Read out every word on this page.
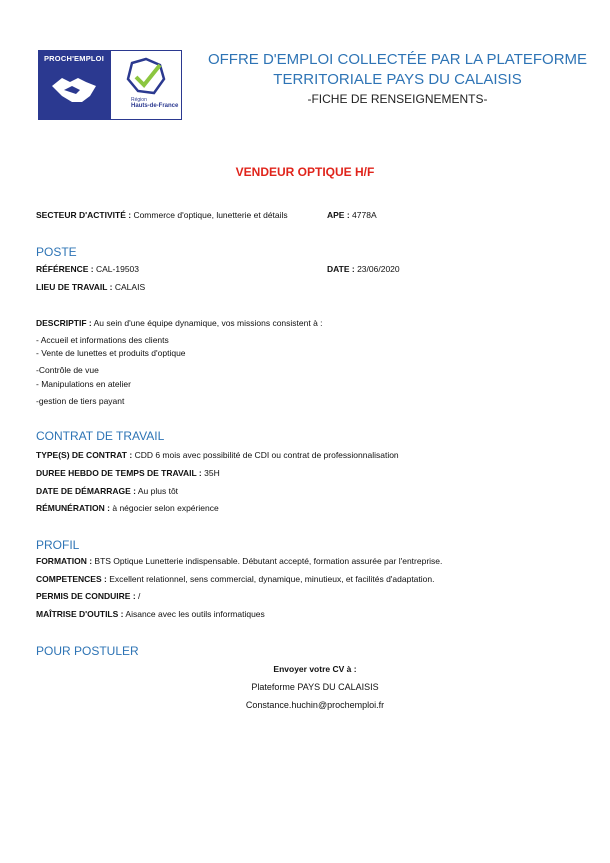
PROCH'EMPLOI
Région
Hauts-de-France
OFFRE D'EMPLOI COLLECTÉE PAR LA PLATEFORME
TERRITORIALE PAYS DU CALAISIS
-FICHE DE RENSEIGNEMENTS-
VENDEUR OPTIQUE H/F
SECTEUR D'ACTIVITÉ : Commerce d'optique, lunetterie et détails	APE : 4778A
POSTE
RÉFÉRENCE : CAL-19503	DATE : 23/06/2020
LIEU DE TRAVAIL : CALAIS
DESCRIPTIF : Au sein d'une équipe dynamique, vos missions consistent à :
- Accueil et informations des clients
- Vente de lunettes et produits d'optique
-Contrôle de vue
- Manipulations en atelier
-gestion de tiers payant
CONTRAT DE TRAVAIL
TYPE(S) DE CONTRAT : CDD 6 mois avec possibilité de CDI ou contrat de professionnalisation
DUREE HEBDO DE TEMPS DE TRAVAIL : 35H
DATE DE DÉMARRAGE : Au plus tôt
RÉMUNÉRATION : à négocier selon expérience
PROFIL
FORMATION : BTS Optique Lunetterie indispensable. Débutant accepté, formation assurée par l'entreprise.
COMPETENCES : Excellent relationnel, sens commercial, dynamique, minutieux, et facilités d'adaptation.
PERMIS DE CONDUIRE : /
MAÎTRISE D'OUTILS : Aisance avec les outils informatiques
POUR POSTULER
Envoyer votre CV à :
Plateforme PAYS DU CALAISIS
Constance.huchin@prochemploi.fr
